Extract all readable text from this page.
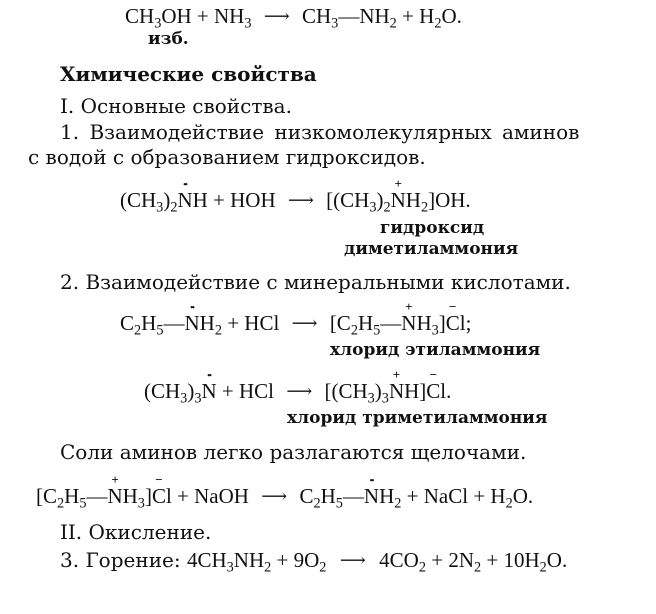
$CH_3OH + NH_3$ ⟶ $CH_3—NH_2 + H_2O$.
изб.
Химические свойства
I. Основные свойства.
1. Взаимодействие низкомолекулярных аминов
с водой с образованием гидроксидов.
$(CH_3)_2••$ NH + HOH ⟶ $[(CH_3)_2+ NH_2]OH$.
гидроксид
диметиламмония
2. Взаимодействие с минеральными кислотами.
$C_2H_5—••$ $NH_2$ + HCl ⟶ $[C_2H_5—+ NH_3]- Cl$;
хлорид этиламмония
$(CH_3)_3••$ N + HCl ⟶ $[(CH_3)_3+ NH]- Cl$.
хлорид триметиламмония
Соли аминов легко разлагаются щелочами.
$[C_2H_5—+ NH_3]- Cl$ + NaOH ⟶ $C_2H_5—••$ $NH_2$ + NaCl + $H_2O$.
II. Окисление.
3. Горение: $4CH_3NH_2 + 9O_2$ ⟶ $4CO_2 + 2N_2 + 10H_2O$.
